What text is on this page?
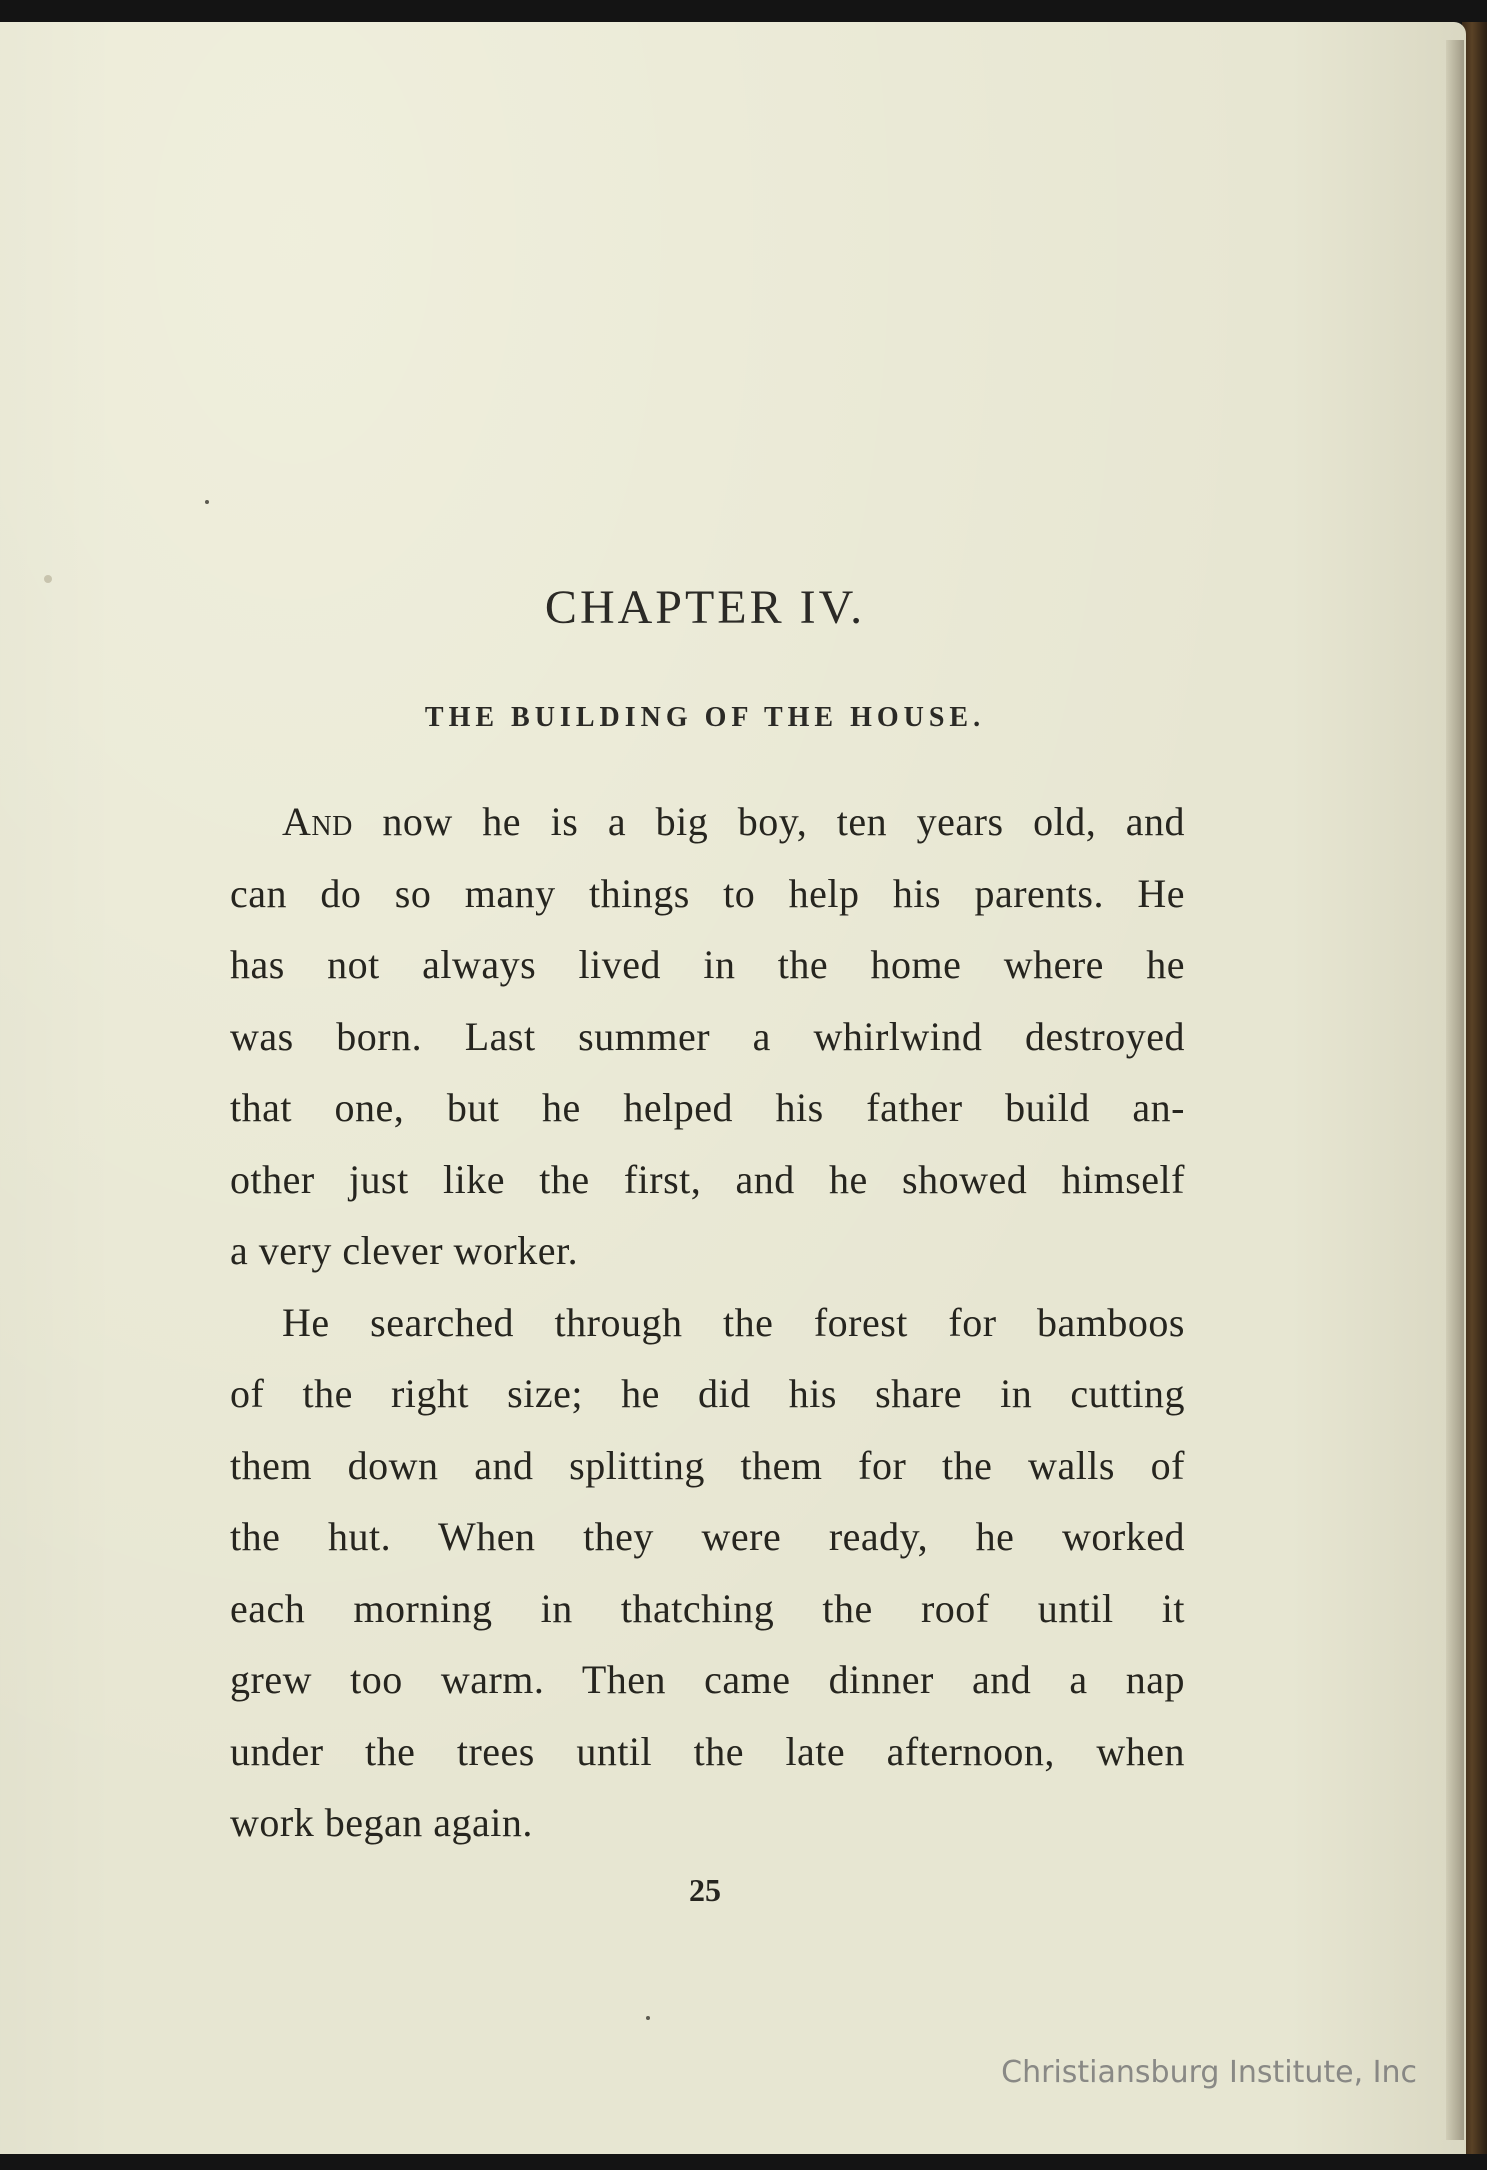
CHAPTER IV.
THE BUILDING OF THE HOUSE.
And now he is a big boy, ten years old, and
can do so many things to help his parents. He
has not always lived in the home where he
was born. Last summer a whirlwind destroyed
that one, but he helped his father build an-
other just like the first, and he showed himself
a very clever worker.
He searched through the forest for bamboos
of the right size; he did his share in cutting
them down and splitting them for the walls of
the hut. When they were ready, he worked
each morning in thatching the roof until it
grew too warm. Then came dinner and a nap
under the trees until the late afternoon, when
work began again.
25
Christiansburg Institute, Inc
